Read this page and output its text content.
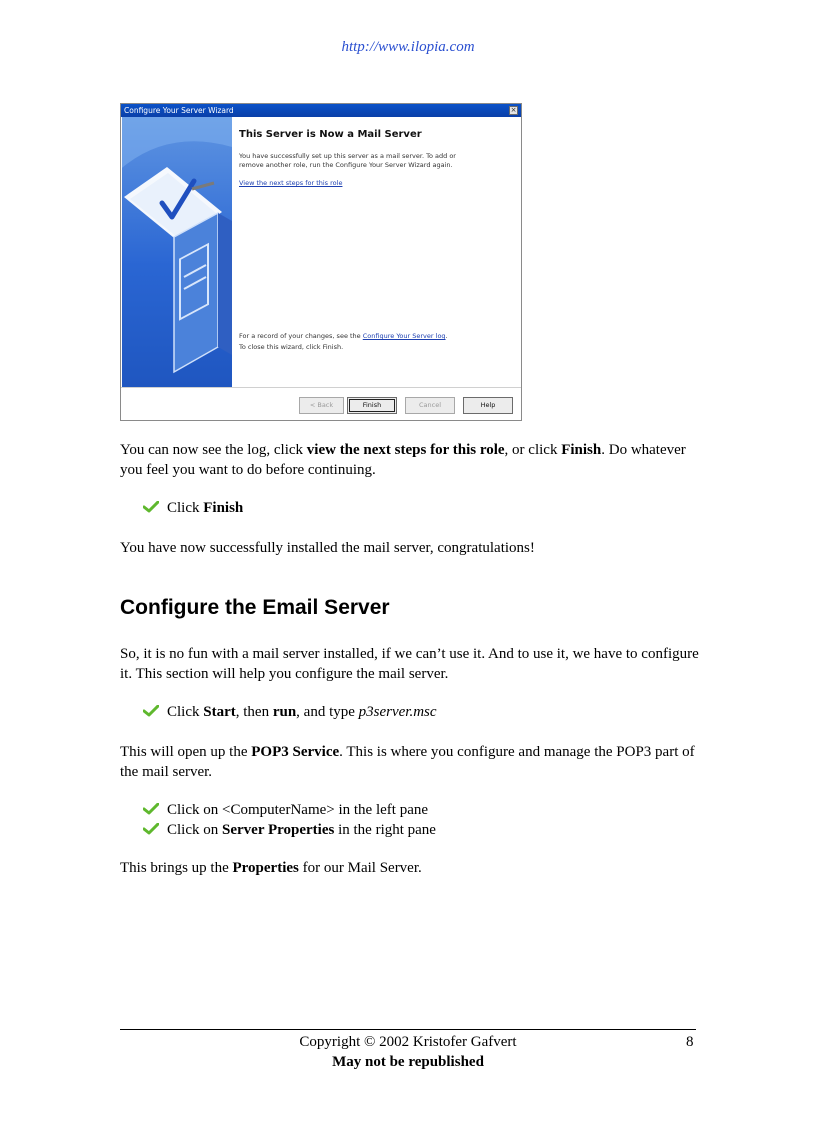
http://www.ilopia.com
Configure Your Server Wizard	×
This Server is Now a Mail Server
You have successfully set up this server as a mail server. To add or remove another role, run the Configure Your Server Wizard again.
View the next steps for this role
For a record of your changes, see the Configure Your Server log.
To close this wizard, click Finish.
< Back	Finish	Cancel	Help
You can now see the log, click view the next steps for this role, or click Finish. Do whatever you feel you want to do before continuing.
Click Finish
You have now successfully installed the mail server, congratulations!
Configure the Email Server
So, it is no fun with a mail server installed, if we can’t use it. And to use it, we have to configure it. This section will help you configure the mail server.
Click Start, then run, and type p3server.msc
This will open up the POP3 Service. This is where you configure and manage the POP3 part of the mail server.
Click on <ComputerName> in the left pane
Click on Server Properties in the right pane
This brings up the Properties for our Mail Server.
Copyright © 2002 Kristofer Gafvert	8
May not be republished
